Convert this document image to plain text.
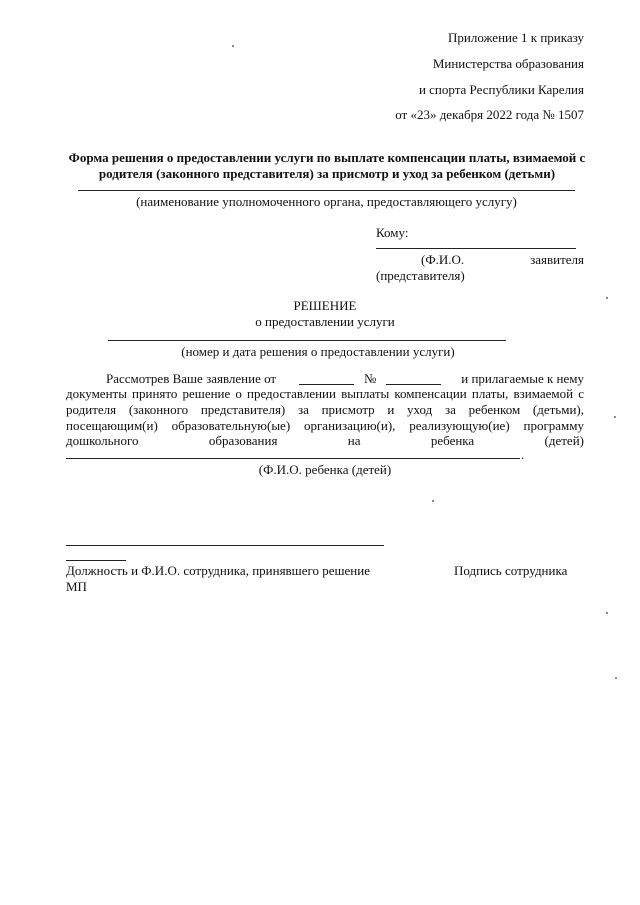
Приложение 1 к приказу
Министерства образования
и спорта Республики Карелия
от «23» декабря 2022 года № 1507
Форма решения о предоставлении услуги по выплате компенсации платы, взимаемой с
родителя (законного представителя) за присмотр и уход за ребенком (детьми)
(наименование уполномоченного органа, предоставляющего услугу)
Кому:
(Ф.И.О.	заявителя
(представителя)
РЕШЕНИЕ
о предоставлении услуги
(номер и дата решения о предоставлении услуги)
Рассмотрев Ваше заявление от	№	и прилагаемые к нему
документы принято решение о предоставлении выплаты компенсации платы, взимаемой с
родителя (законного представителя) за присмотр и уход за ребенком (детьми),
посещающим(и) образовательную(ые) организацию(и), реализующую(ие) программу
дошкольного образования на ребенка (детей)
.
(Ф.И.О. ребенка (детей)
Должность и Ф.И.О. сотрудника, принявшего решение	Подпись сотрудника
МП
